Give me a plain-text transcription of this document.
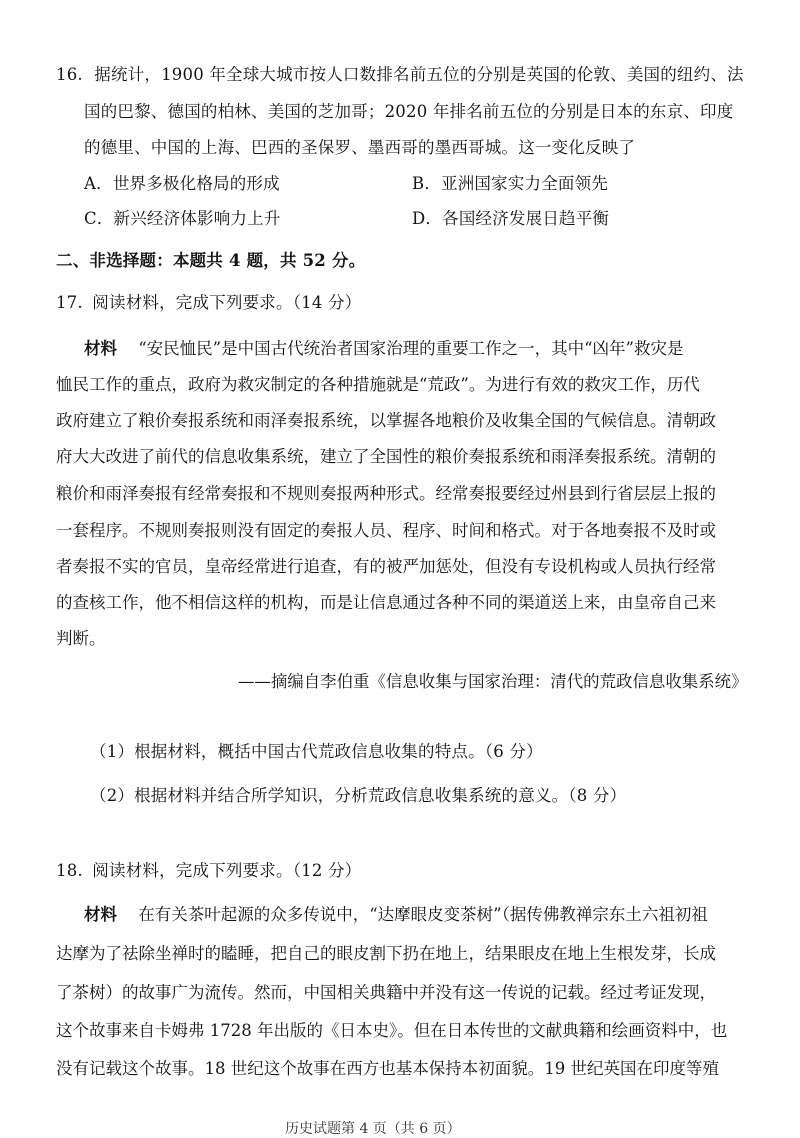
16. 据统计，1900 年全球大城市按人口数排名前五位的分别是英国的伦敦、美国的纽约、法
国的巴黎、德国的柏林、美国的芝加哥；2020 年排名前五位的分别是日本的东京、印度
的德里、中国的上海、巴西的圣保罗、墨西哥的墨西哥城。这一变化反映了
A．世界多极化格局的形成	B．亚洲国家实力全面领先
C．新兴经济体影响力上升	D．各国经济发展日趋平衡
二、非选择题：本题共 4 题，共 52 分。
17. 阅读材料，完成下列要求。（14 分）
材料 “安民恤民”是中国古代统治者国家治理的重要工作之一，其中“凶年”救灾是
恤民工作的重点，政府为救灾制定的各种措施就是“荒政”。为进行有效的救灾工作，历代
政府建立了粮价奏报系统和雨泽奏报系统，以掌握各地粮价及收集全国的气候信息。清朝政
府大大改进了前代的信息收集系统，建立了全国性的粮价奏报系统和雨泽奏报系统。清朝的
粮价和雨泽奏报有经常奏报和不规则奏报两种形式。经常奏报要经过州县到行省层层上报的
一套程序。不规则奏报则没有固定的奏报人员、程序、时间和格式。对于各地奏报不及时或
者奏报不实的官员，皇帝经常进行追查，有的被严加惩处，但没有专设机构或人员执行经常
的查核工作，他不相信这样的机构，而是让信息通过各种不同的渠道送上来，由皇帝自己来
判断。
——摘编自李伯重《信息收集与国家治理：清代的荒政信息收集系统》
（1）根据材料，概括中国古代荒政信息收集的特点。（6 分）
（2）根据材料并结合所学知识，分析荒政信息收集系统的意义。（8 分）
18. 阅读材料，完成下列要求。（12 分）
材料 在有关茶叶起源的众多传说中，“达摩眼皮变茶树”（据传佛教禅宗东土六祖初祖
达摩为了祛除坐禅时的瞌睡，把自己的眼皮割下扔在地上，结果眼皮在地上生根发芽，长成
了茶树）的故事广为流传。然而，中国相关典籍中并没有这一传说的记载。经过考证发现，
这个故事来自卡姆弗 1728 年出版的《日本史》。但在日本传世的文献典籍和绘画资料中，也
没有记载这个故事。18 世纪这个故事在西方也基本保持本初面貌。19 世纪英国在印度等殖
历史试题第 4 页（共 6 页）
